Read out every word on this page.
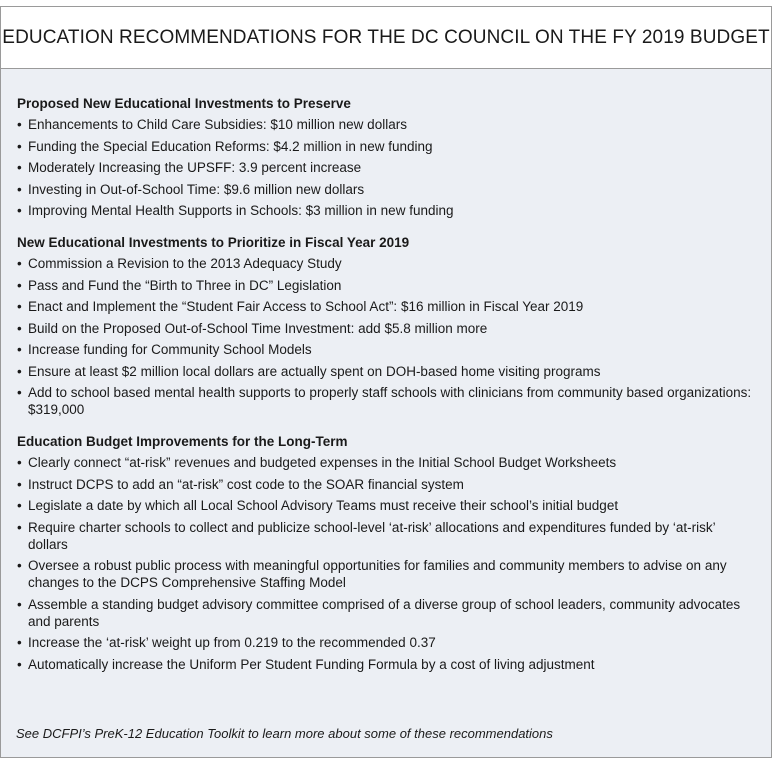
EDUCATION RECOMMENDATIONS FOR THE DC COUNCIL ON THE FY 2019 BUDGET
Proposed New Educational Investments to Preserve
• Enhancements to Child Care Subsidies: $10 million new dollars
• Funding the Special Education Reforms: $4.2 million in new funding
• Moderately Increasing the UPSFF: 3.9 percent increase
• Investing in Out-of-School Time: $9.6 million new dollars
• Improving Mental Health Supports in Schools: $3 million in new funding
New Educational Investments to Prioritize in Fiscal Year 2019
• Commission a Revision to the 2013 Adequacy Study
• Pass and Fund the “Birth to Three in DC” Legislation
• Enact and Implement the “Student Fair Access to School Act”: $16 million in Fiscal Year 2019
• Build on the Proposed Out-of-School Time Investment: add $5.8 million more
• Increase funding for Community School Models
• Ensure at least $2 million local dollars are actually spent on DOH-based home visiting programs
• Add to school based mental health supports to properly staff schools with clinicians from community based organizations: $319,000
Education Budget Improvements for the Long-Term
• Clearly connect “at-risk” revenues and budgeted expenses in the Initial School Budget Worksheets
• Instruct DCPS to add an “at-risk” cost code to the SOAR financial system
• Legislate a date by which all Local School Advisory Teams must receive their school’s initial budget
• Require charter schools to collect and publicize school-level ‘at-risk’ allocations and expenditures funded by ‘at-risk’ dollars
• Oversee a robust public process with meaningful opportunities for families and community members to advise on any changes to the DCPS Comprehensive Staffing Model
• Assemble a standing budget advisory committee comprised of a diverse group of school leaders, community advocates and parents
• Increase the ‘at-risk’ weight up from 0.219 to the recommended 0.37
• Automatically increase the Uniform Per Student Funding Formula by a cost of living adjustment
See DCFPI’s PreK-12 Education Toolkit to learn more about some of these recommendations
